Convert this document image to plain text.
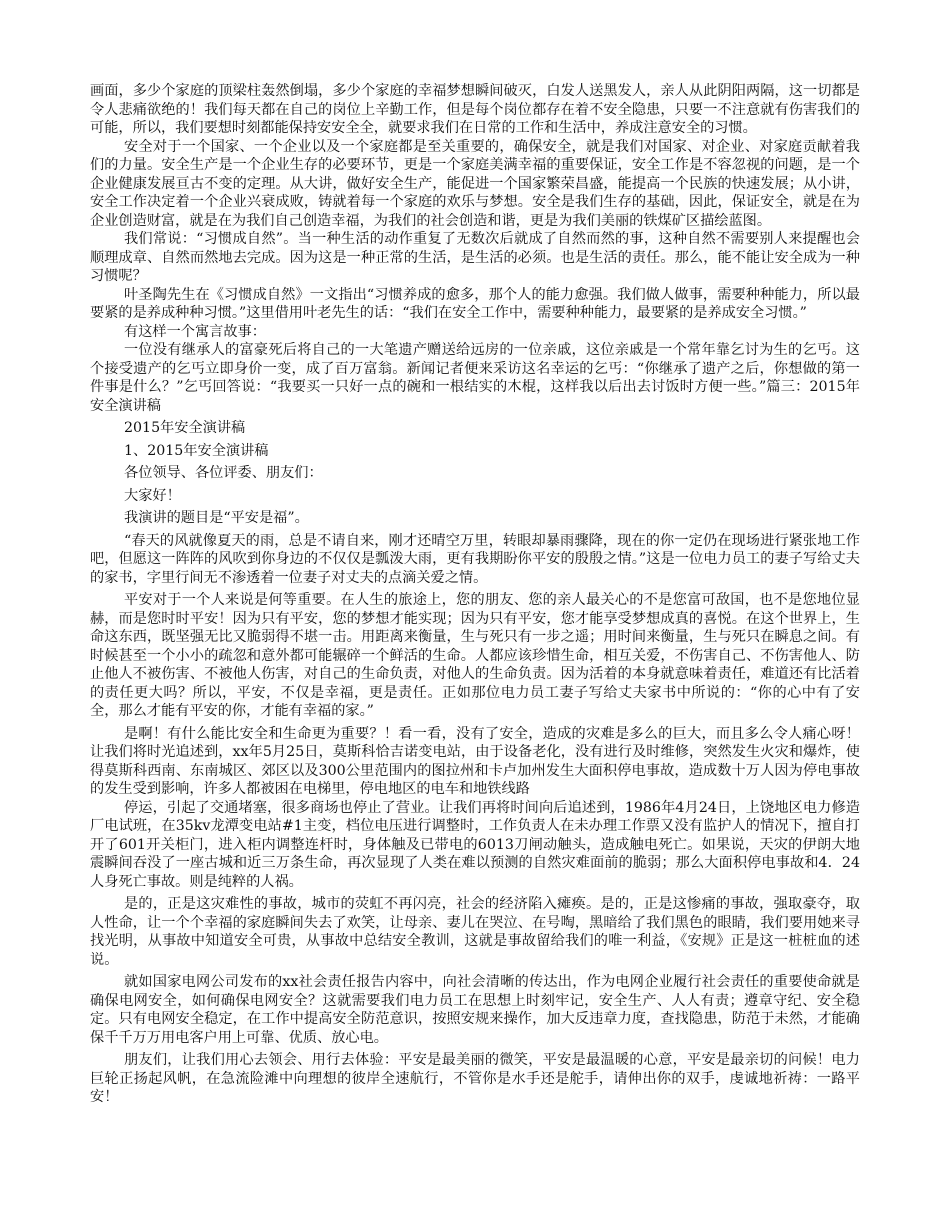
画面，多少个家庭的顶梁柱轰然倒塌，多少个家庭的幸福梦想瞬间破灭，白发人送黑发人，亲人从此阴阳两隔，这一切都是令人悲痛欲绝的！我们每天都在自己的岗位上辛勤工作，但是每个岗位都存在着不安全隐患，只要一不注意就有伤害我们的可能，所以，我们要想时刻都能保持安安全全，就要求我们在日常的工作和生活中，养成注意安全的习惯。

安全对于一个国家、一个企业以及一个家庭都是至关重要的，确保安全，就是我们对国家、对企业、对家庭贡献着我们的力量。安全生产是一个企业生存的必要环节，更是一个家庭美满幸福的重要保证，安全工作是不容忽视的问题，是一个企业健康发展亘古不变的定理。从大讲，做好安全生产，能促进一个国家繁荣昌盛，能提高一个民族的快速发展；从小讲，安全工作决定着一个企业兴衰成败，铸就着每一个家庭的欢乐与梦想。安全是我们生存的基础，因此，保证安全，就是在为企业创造财富，就是在为我们自己创造幸福，为我们的社会创造和谐，更是为我们美丽的铁煤矿区描绘蓝图。

我们常说：“习惯成自然”。当一种生活的动作重复了无数次后就成了自然而然的事，这种自然不需要别人来提醒也会顺理成章、自然而然地去完成。因为这是一种正常的生活，是生活的必须。也是生活的责任。那么，能不能让安全成为一种习惯呢？

叶圣陶先生在《习惯成自然》一文指出“习惯养成的愈多，那个人的能力愈强。我们做人做事，需要种种能力，所以最要紧的是养成种种习惯。”这里借用叶老先生的话：“我们在安全工作中，需要种种能力，最要紧的是养成安全习惯。”

有这样一个寓言故事：

一位没有继承人的富豪死后将自己的一大笔遗产赠送给远房的一位亲戚，这位亲戚是一个常年靠乞讨为生的乞丐。这个接受遗产的乞丐立即身价一变，成了百万富翁。新闻记者便来采访这名幸运的乞丐：“你继承了遗产之后，你想做的第一件事是什么？”乞丐回答说：“我要买一只好一点的碗和一根结实的木棍，这样我以后出去讨饭时方便一些。”篇三：2015年安全演讲稿

2015年安全演讲稿

1、2015年安全演讲稿

各位领导、各位评委、朋友们：

大家好！

我演讲的题目是“平安是福”。

“春天的风就像夏天的雨，总是不请自来，刚才还晴空万里，转眼却暴雨骤降，现在的你一定仍在现场进行紧张地工作吧，但愿这一阵阵的风吹到你身边的不仅仅是瓢泼大雨，更有我期盼你平安的殷殷之情。”这是一位电力员工的妻子写给丈夫的家书，字里行间无不渗透着一位妻子对丈夫的点滴关爱之情。

平安对于一个人来说是何等重要。在人生的旅途上，您的朋友、您的亲人最关心的不是您富可敌国，也不是您地位显赫，而是您时时平安！因为只有平安，您的梦想才能实现；因为只有平安，您才能享受梦想成真的喜悦。在这个世界上，生命这东西，既坚强无比又脆弱得不堪一击。用距离来衡量，生与死只有一步之遥；用时间来衡量，生与死只在瞬息之间。有时候甚至一个小小的疏忽和意外都可能辗碎一个鲜活的生命。人都应该珍惜生命，相互关爱，不伤害自己、不伤害他人、防止他人不被伤害、不被他人伤害，对自己的生命负责，对他人的生命负责。因为活着的本身就意味着责任，难道还有比活着的责任更大吗？所以，平安，不仅是幸福，更是责任。正如那位电力员工妻子写给丈夫家书中所说的：“你的心中有了安全，那么才能有平安的你，才能有幸福的家。”

是啊！有什么能比安全和生命更为重要？！看一看，没有了安全，造成的灾难是多么的巨大，而且多么令人痛心呀！让我们将时光追述到，xx年5月25日，莫斯科恰吉诺变电站，由于设备老化，没有进行及时维修，突然发生火灾和爆炸，使得莫斯科西南、东南城区、郊区以及300公里范围内的图拉州和卡卢加州发生大面积停电事故，造成数十万人因为停电事故的发生受到影响，许多人都被困在电梯里，停电地区的电车和地铁线路

停运，引起了交通堵塞，很多商场也停止了营业。让我们再将时间向后追述到，1986年4月24日，上饶地区电力修造厂电试班，在35kv龙潭变电站#1主变，档位电压进行调整时，工作负责人在未办理工作票又没有监护人的情况下，擅自打开了601开关柜门，进入柜内调整连杆时，身体触及已带电的6013刀闸动触头，造成触电死亡。如果说，天灾的伊朗大地震瞬间吞没了一座古城和近三万条生命，再次显现了人类在难以预测的自然灾难面前的脆弱；那么大面积停电事故和4．24人身死亡事故。则是纯粹的人祸。

是的，正是这灾难性的事故，城市的荧虹不再闪亮，社会的经济陷入瘫痪。是的，正是这惨痛的事故，强取豪夺，取人性命，让一个个幸福的家庭瞬间失去了欢笑，让母亲、妻儿在哭泣、在号啕，黑暗给了我们黑色的眼睛，我们要用她来寻找光明，从事故中知道安全可贵，从事故中总结安全教训，这就是事故留给我们的唯一利益，《安规》正是这一桩桩血的述说。

就如国家电网公司发布的xx社会责任报告内容中，向社会清晰的传达出，作为电网企业履行社会责任的重要使命就是确保电网安全，如何确保电网安全？这就需要我们电力员工在思想上时刻牢记，安全生产、人人有责；遵章守纪、安全稳定。只有电网安全稳定，在工作中提高安全防范意识，按照安规来操作，加大反违章力度，查找隐患，防范于未然，才能确保千千万万用电客户用上可靠、优质、放心电。

朋友们，让我们用心去领会、用行去体验：平安是最美丽的微笑，平安是最温暖的心意，平安是最亲切的问候！电力巨轮正扬起风帆，在急流险滩中向理想的彼岸全速航行，不管你是水手还是舵手，请伸出你的双手，虔诚地祈祷：一路平安！
